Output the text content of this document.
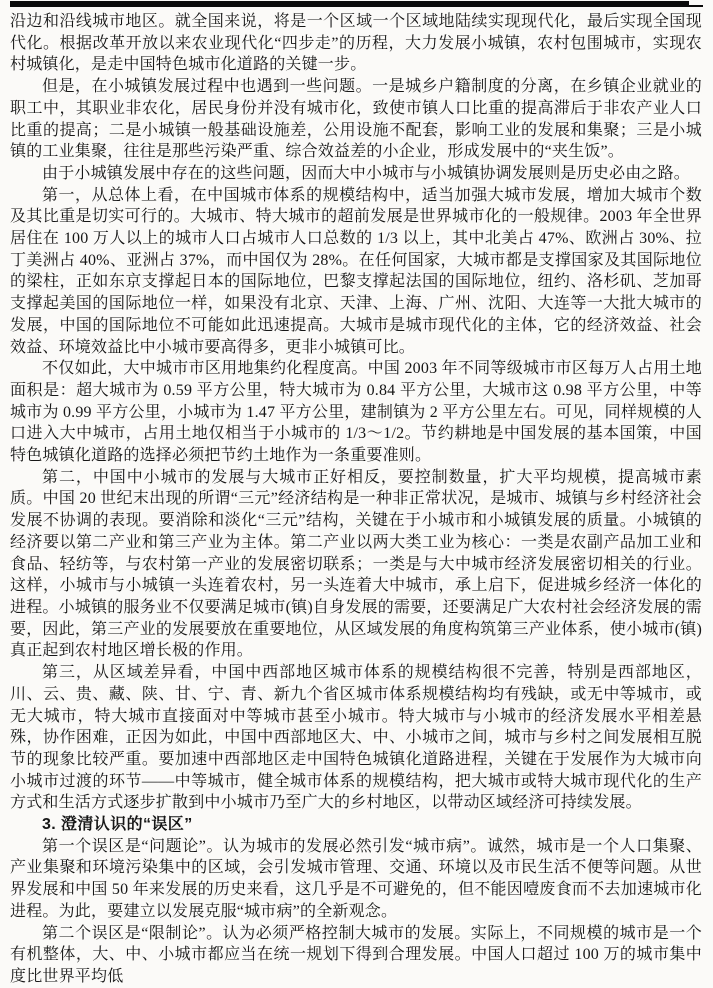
沿边和沿线城市地区。就全国来说，将是一个区域一个区域地陆续实现现代化，最后实现全国现代化。根据改革开放以来农业现代化“四步走”的历程，大力发展小城镇，农村包围城市，实现农村城镇化，是走中国特色城市化道路的关键一步。

但是，在小城镇发展过程中也遇到一些问题。一是城乡户籍制度的分离，在乡镇企业就业的职工中，其职业非农化，居民身份并没有城市化，致使市镇人口比重的提高滞后于非农产业人口比重的提高；二是小城镇一般基础设施差，公用设施不配套，影响工业的发展和集聚；三是小城镇的工业集聚，往往是那些污染严重、综合效益差的小企业，形成发展中的“夹生饭”。

由于小城镇发展中存在的这些问题，因而大中小城市与小城镇协调发展则是历史必由之路。

第一，从总体上看，在中国城市体系的规模结构中，适当加强大城市发展，增加大城市个数及其比重是切实可行的。大城市、特大城市的超前发展是世界城市化的一般规律。2003 年全世界居住在 100 万人以上的城市人口占城市人口总数的 1/3 以上，其中北美占 47%、欧洲占 30%、拉丁美洲占 40%、亚洲占 37%，而中国仅为 28%。在任何国家，大城市都是支撑国家及其国际地位的梁柱，正如东京支撑起日本的国际地位，巴黎支撑起法国的国际地位，纽约、洛杉矶、芝加哥支撑起美国的国际地位一样，如果没有北京、天津、上海、广州、沈阳、大连等一大批大城市的发展，中国的国际地位不可能如此迅速提高。大城市是城市现代化的主体，它的经济效益、社会效益、环境效益比中小城市要高得多，更非小城镇可比。

不仅如此，大中城市市区用地集约化程度高。中国 2003 年不同等级城市市区每万人占用土地面积是：超大城市为 0.59 平方公里，特大城市为 0.84 平方公里，大城市这 0.98 平方公里，中等城市为 0.99 平方公里，小城市为 1.47 平方公里，建制镇为 2 平方公里左右。可见，同样规模的人口进入大中城市，占用土地仅相当于小城市的 1/3～1/2。节约耕地是中国发展的基本国策，中国特色城镇化道路的选择必须把节约土地作为一条重要准则。

第二，中国中小城市的发展与大城市正好相反，要控制数量，扩大平均规模，提高城市素质。中国 20 世纪末出现的所谓“三元”经济结构是一种非正常状况，是城市、城镇与乡村经济社会发展不协调的表现。要消除和淡化“三元”结构，关键在于小城市和小城镇发展的质量。小城镇的经济要以第二产业和第三产业为主体。第二产业以两大类工业为核心：一类是农副产品加工业和食品、轻纺等，与农村第一产业的发展密切联系；一类是与大中城市经济发展密切相关的行业。这样，小城市与小城镇一头连着农村，另一头连着大中城市，承上启下，促进城乡经济一体化的进程。小城镇的服务业不仅要满足城市(镇)自身发展的需要，还要满足广大农村社会经济发展的需要，因此，第三产业的发展要放在重要地位，从区域发展的角度构筑第三产业体系，使小城市(镇)真正起到农村地区增长极的作用。

第三，从区域差异看，中国中西部地区城市体系的规模结构很不完善，特别是西部地区，川、云、贵、藏、陕、甘、宁、青、新九个省区城市体系规模结构均有残缺，或无中等城市，或无大城市，特大城市直接面对中等城市甚至小城市。特大城市与小城市的经济发展水平相差悬殊，协作困难，正因为如此，中国中西部地区大、中、小城市之间，城市与乡村之间发展相互脱节的现象比较严重。要加速中西部地区走中国特色城镇化道路进程，关键在于发展作为大城市向小城市过渡的环节——中等城市，健全城市体系的规模结构，把大城市或特大城市现代化的生产方式和生活方式逐步扩散到中小城市乃至广大的乡村地区，以带动区域经济可持续发展。

3. 澄清认识的“误区”

第一个误区是“问题论”。认为城市的发展必然引发“城市病”。诚然，城市是一个人口集聚、产业集聚和环境污染集中的区域，会引发城市管理、交通、环境以及市民生活不便等问题。从世界发展和中国 50 年来发展的历史来看，这几乎是不可避免的，但不能因噎废食而不去加速城市化进程。为此，要建立以发展克服“城市病”的全新观念。

第二个误区是“限制论”。认为必须严格控制大城市的发展。实际上，不同规模的城市是一个有机整体，大、中、小城市都应当在统一规划下得到合理发展。中国人口超过 100 万的城市集中度比世界平均低
